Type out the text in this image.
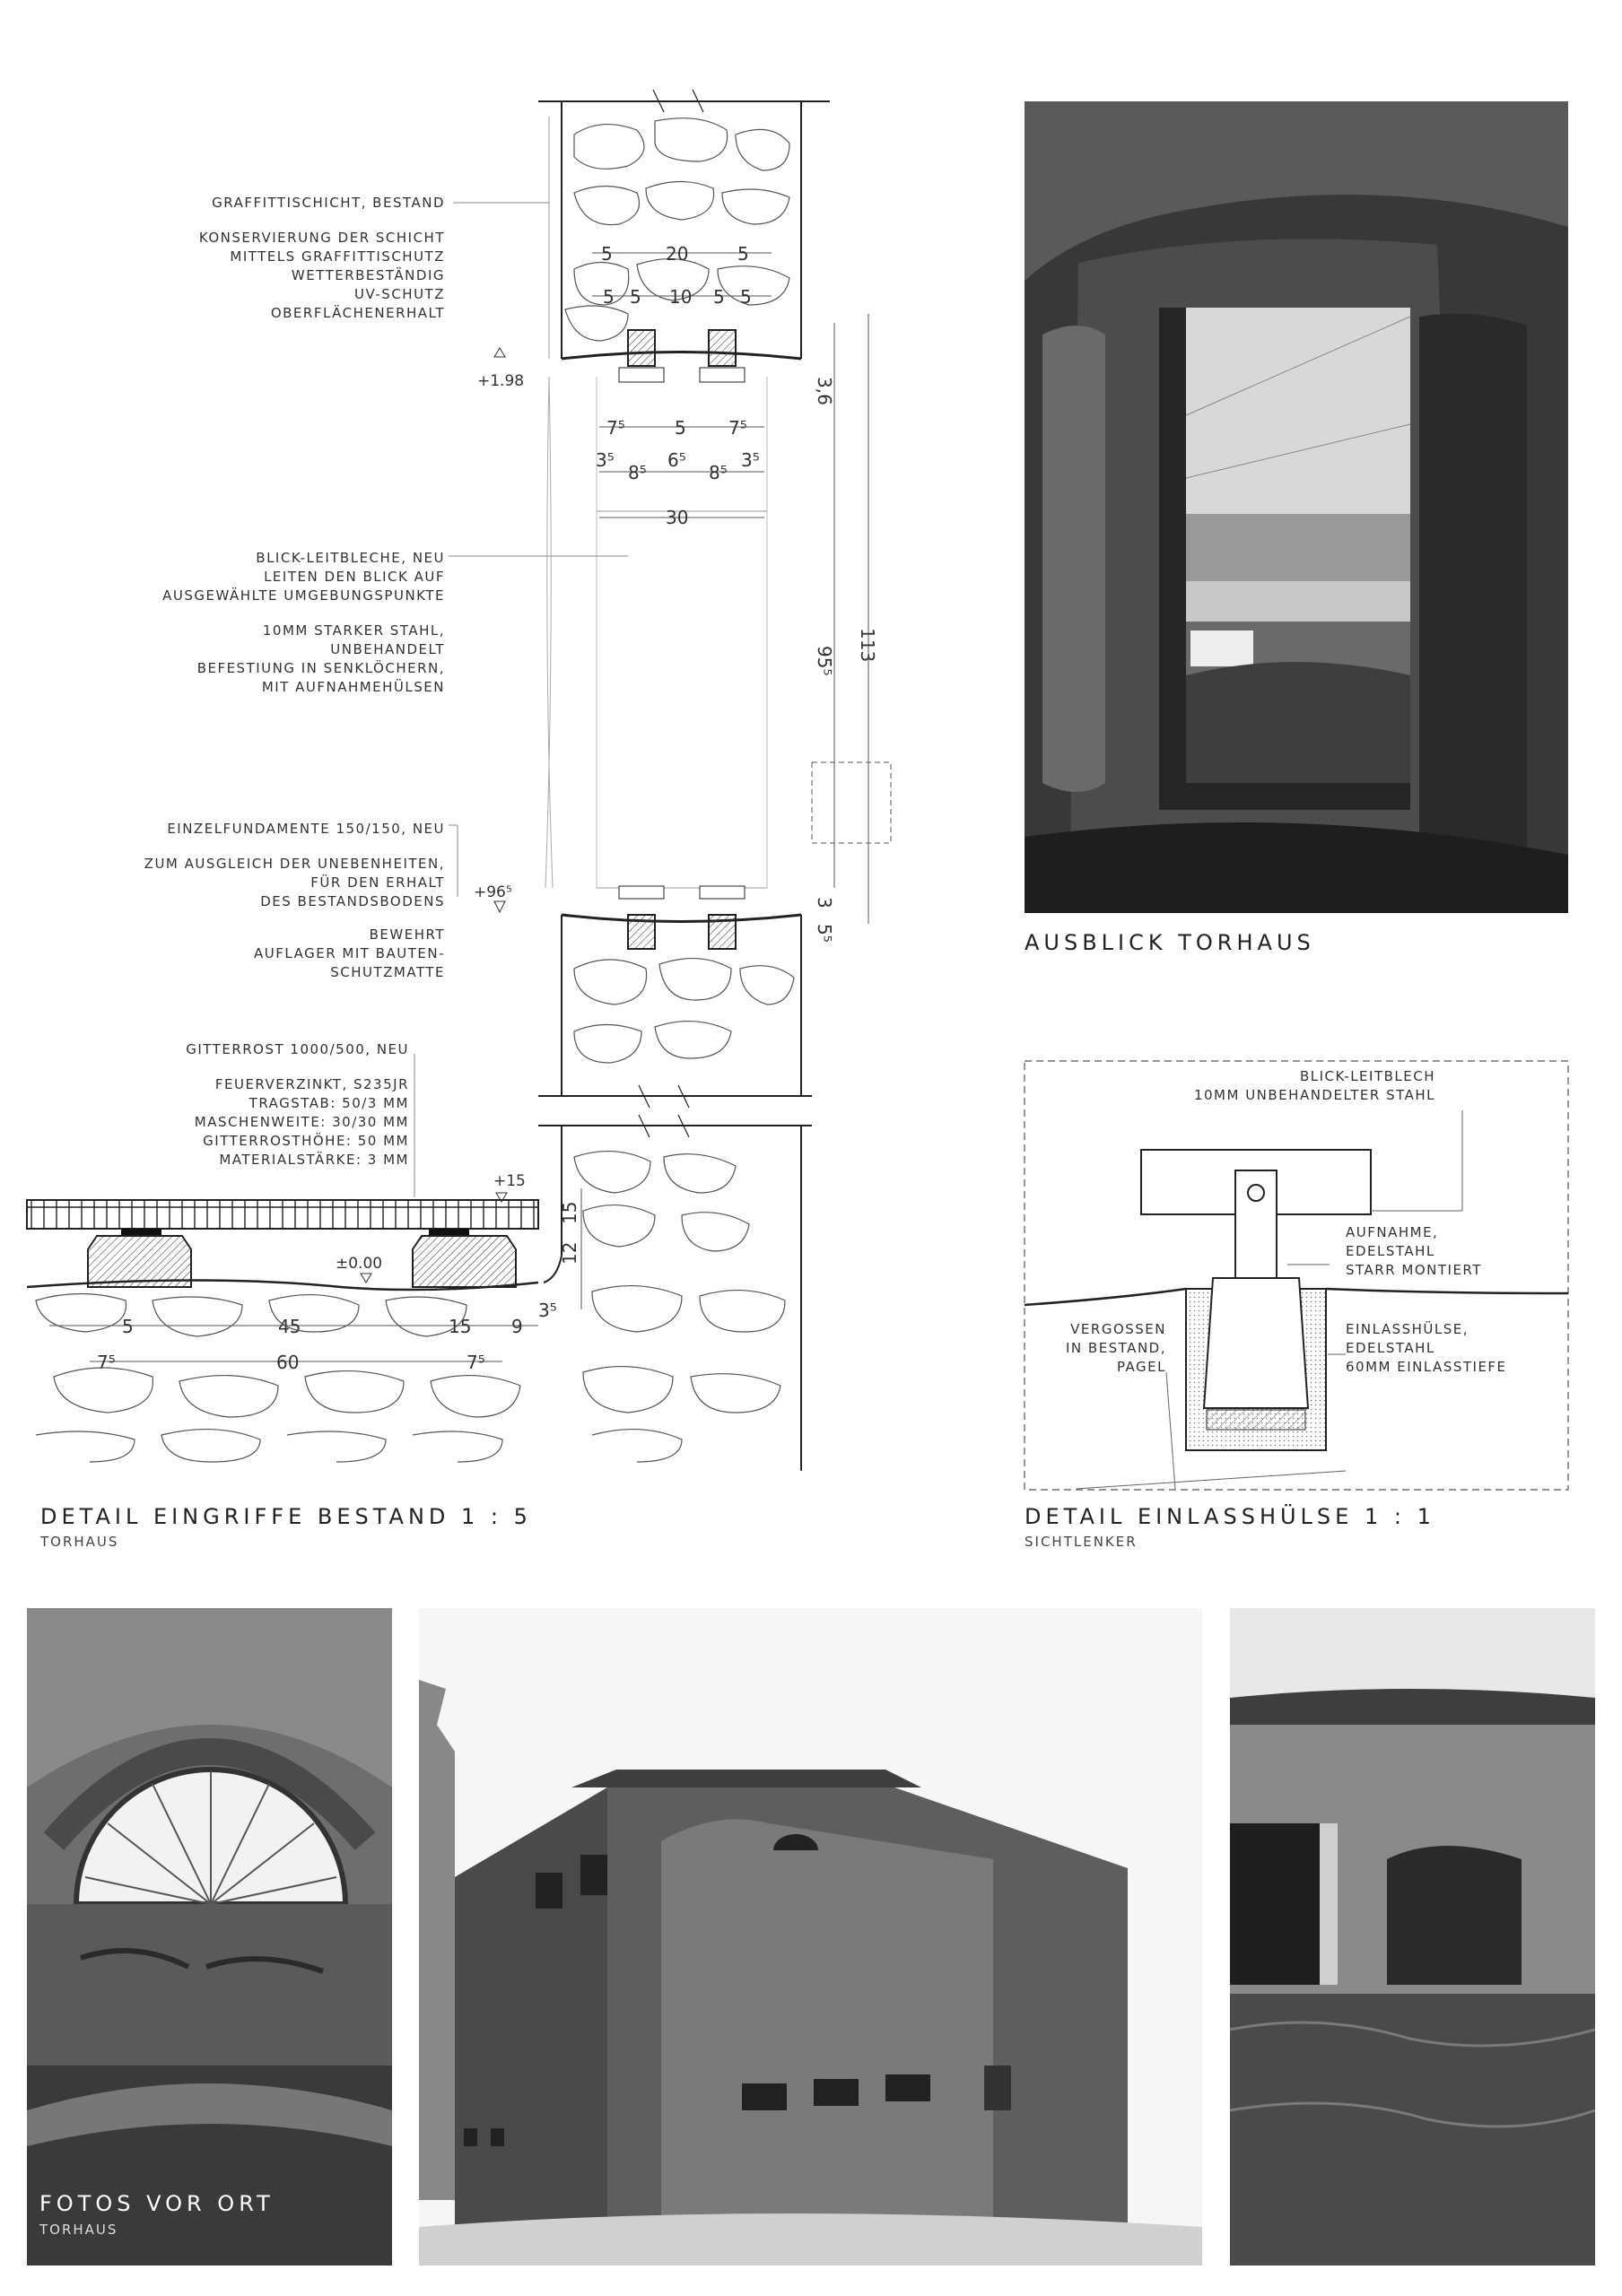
20
5	5
10
5 5	5 5
7⁵	5 7⁵
3⁵	6⁵	3⁵
8⁵	8⁵
30
3,6
95⁵ 113
3
5⁵
12
15
5	45	15 9
3⁵
7⁵	60	7⁵
+1.98
+96⁵
+15
±0.00

GRAFFITTISCHICHT, BESTAND

KONSERVIERUNG DER SCHICHT

MITTELS GRAFFITTISCHUTZ

WETTERBESTÄNDIG

UV-SCHUTZ

OBERFLÄCHENERHALT

BLICK-LEITBLECHE, NEU

LEITEN DEN BLICK AUF

AUSGEWÄHLTE UMGEBUNGSPUNKTE

10MM STARKER STAHL,

UNBEHANDELT

BEFESTIUNG IN SENKLÖCHERN,

MIT AUFNAHMEHÜLSEN

EINZELFUNDAMENTE 150/150, NEU

ZUM AUSGLEICH DER UNEBENHEITEN,

FÜR DEN ERHALT

DES BESTANDSBODENS

BEWEHRT

AUFLAGER MIT BAUTEN-

SCHUTZMATTE

GITTERROST 1000/500, NEU

FEUERVERZINKT, S235JR

TRAGSTAB: 50/3 MM

MASCHENWEITE: 30/30 MM

GITTERROSTHÖHE: 50 MM

MATERIALSTÄRKE: 3 MM

DETAIL EINGRIFFE BESTAND 1 : 5
TORHAUS
AUSBLICK TORHAUS

BLICK-LEITBLECH

10MM UNBEHANDELTER STAHL

AUFNAHME,

EDELSTAHL

STARR MONTIERT

VERGOSSEN

IN BESTAND,

PAGEL

EINLASSHÜLSE,

EDELSTAHL

60MM EINLASSTIEFE

DETAIL EINLASSHÜLSE 1 : 1
SICHTLENKER
FOTOS VOR ORT
TORHAUS
